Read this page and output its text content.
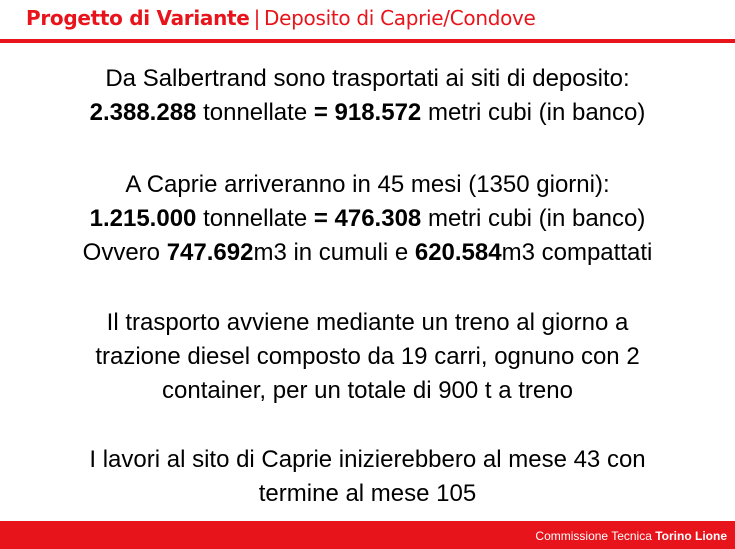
Progetto di Variante | Deposito di Caprie/Condove
Da Salbertrand sono trasportati ai siti di deposito:
2.388.288 tonnellate = 918.572 metri cubi (in banco)
A Caprie arriveranno in 45 mesi (1350 giorni):
1.215.000 tonnellate = 476.308 metri cubi (in banco)
Ovvero 747.692m3 in cumuli e 620.584m3 compattati
Il trasporto avviene mediante un treno al giorno a
trazione diesel composto da 19 carri, ognuno con 2
container, per un totale di 900 t a treno
I lavori al sito di Caprie inizierebbero al mese 43 con
termine al mese 105
Commissione Tecnica Torino Lione
